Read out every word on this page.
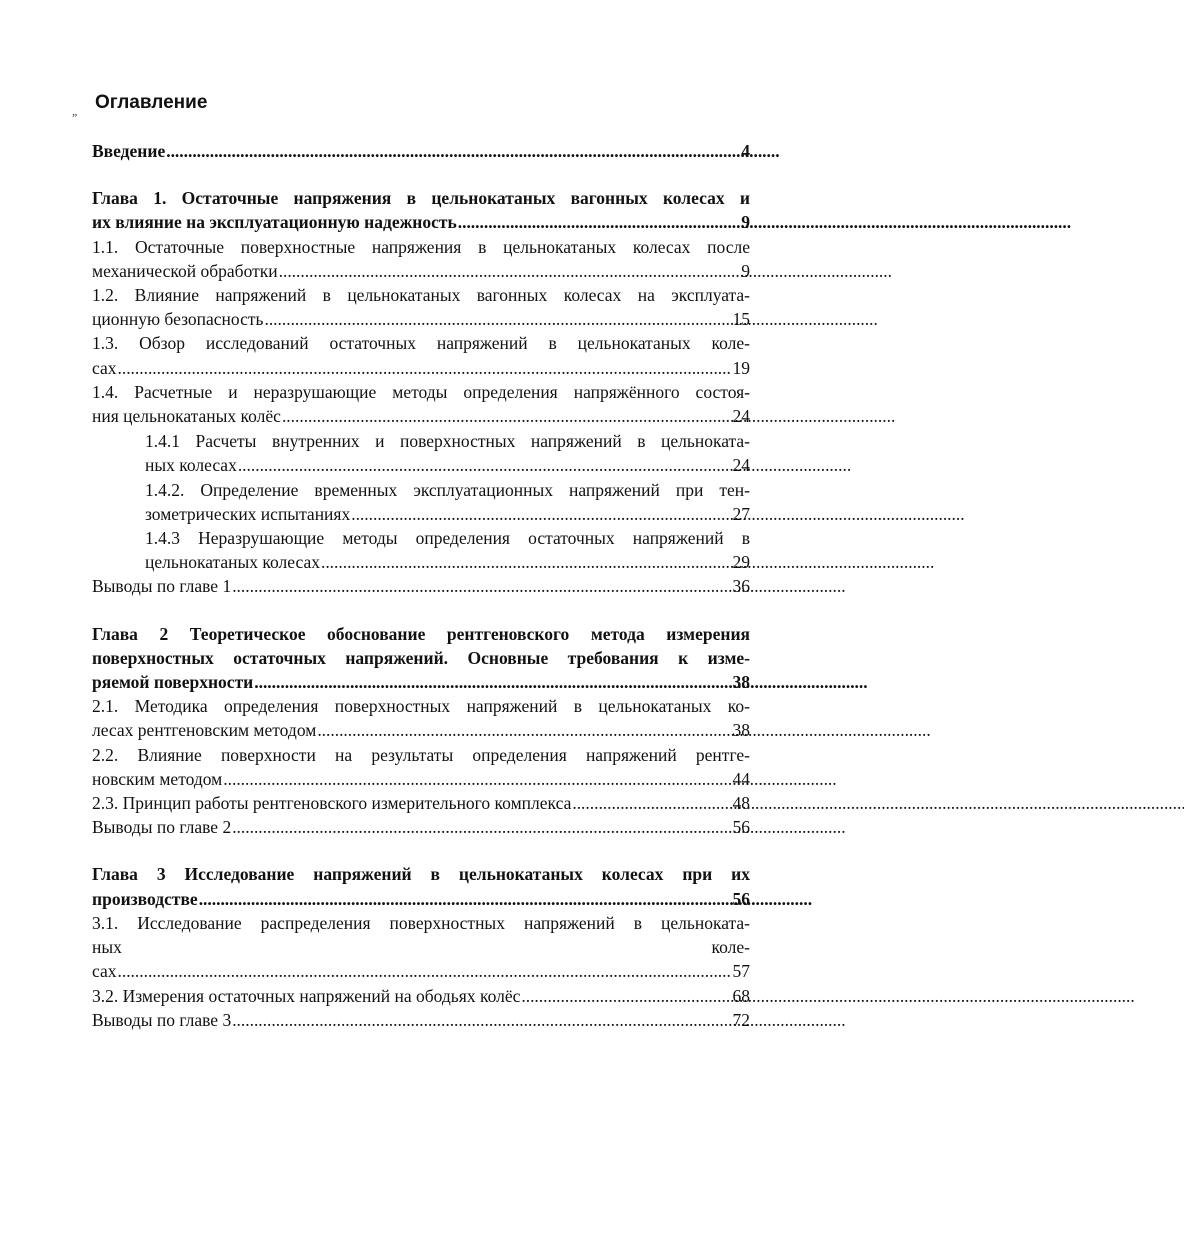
„ Оглавление
Введение . . .	4
Глава 1. Остаточные напряжения в цельнокатаных вагонных колесах и
их влияние на эксплуатационную надежность . . .	9
1.1. Остаточные поверхностные напряжения в цельнокатаных колесах после
механической обработки . . .	9
1.2. Влияние напряжений в цельнокатаных вагонных колесах на эксплуата-
ционную безопасность . . .	15
1.3. Обзор исследований остаточных напряжений в цельнокатаных коле-
сах . . .	19
1.4. Расчетные и неразрушающие методы определения напряжённого состоя-
ния цельнокатаных колёс . . .	24
1.4.1 Расчеты внутренних и поверхностных напряжений в цельноката-
ных колесах . . .	24
1.4.2. Определение временных эксплуатационных напряжений при тен-
зометрических испытаниях . . .	27
1.4.3 Неразрушающие методы определения остаточных напряжений в
цельнокатаных колесах . . .	29
Выводы по главе 1 . . .	36
Глава 2 Теоретическое обоснование рентгеновского метода измерения
поверхностных остаточных напряжений. Основные требования к изме-
ряемой поверхности . . .	38
2.1. Методика определения поверхностных напряжений в цельнокатаных ко-
лесах рентгеновским методом . . .	38
2.2. Влияние поверхности на результаты определения напряжений рентге-
новским методом . . .	44
2.3. Принцип работы рентгеновского измерительного комплекса . . .	48
Выводы по главе 2 . . .	56
Глава 3 Исследование напряжений в цельнокатаных колесах при их
производстве . . .	56
3.1. Исследование распределения поверхностных напряжений в цельноката-
ных	коле-
сах . . .	57
3.2. Измерения остаточных напряжений на ободьях колёс . . .	68
Выводы по главе 3 . . .	72
